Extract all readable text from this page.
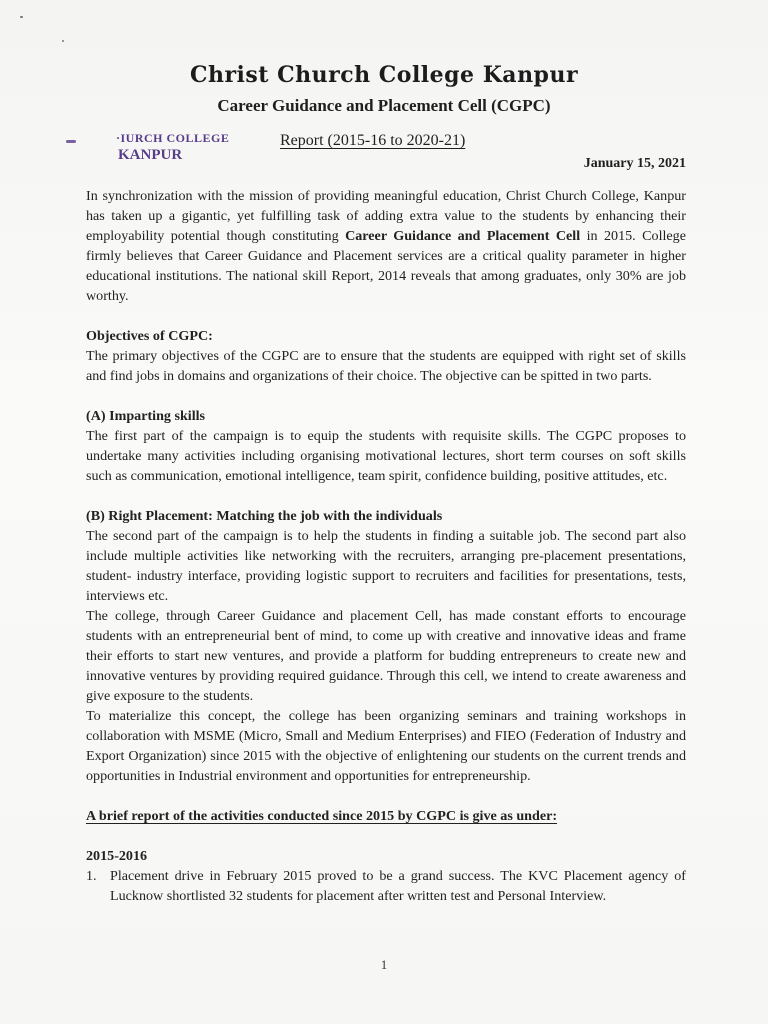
Christ Church College Kanpur
Career Guidance and Placement Cell (CGPC)
·IURCH COLLEGE
KANPUR
Report (2015-16 to 2020-21)
January 15, 2021

In synchronization with the mission of providing meaningful education, Christ Church College, Kanpur has taken up a gigantic, yet fulfilling task of adding extra value to the students by enhancing their employability potential though constituting Career Guidance and Placement Cell in 2015. College firmly believes that Career Guidance and Placement services are a critical quality parameter in higher educational institutions. The national skill Report, 2014 reveals that among graduates, only 30% are job worthy.

Objectives of CGPC:

The primary objectives of the CGPC are to ensure that the students are equipped with right set of skills and find jobs in domains and organizations of their choice. The objective can be spitted in two parts.

(A) Imparting skills

The first part of the campaign is to equip the students with requisite skills. The CGPC proposes to undertake many activities including organising motivational lectures, short term courses on soft skills such as communication, emotional intelligence, team spirit, confidence building, positive attitudes, etc.

(B) Right Placement: Matching the job with the individuals

The second part of the campaign is to help the students in finding a suitable job. The second part also include multiple activities like networking with the recruiters, arranging pre-placement presentations, student- industry interface, providing logistic support to recruiters and facilities for presentations, tests, interviews etc.

The college, through Career Guidance and placement Cell, has made constant efforts to encourage students with an entrepreneurial bent of mind, to come up with creative and innovative ideas and frame their efforts to start new ventures, and provide a platform for budding entrepreneurs to create new and innovative ventures by providing required guidance. Through this cell, we intend to create awareness and give exposure to the students.

To materialize this concept, the college has been organizing seminars and training workshops in collaboration with MSME (Micro, Small and Medium Enterprises) and FIEO (Federation of Industry and Export Organization) since 2015 with the objective of enlightening our students on the current trends and opportunities in Industrial environment and opportunities for entrepreneurship.

A brief report of the activities conducted since 2015 by CGPC is give as under:

2015-2016

1. Placement drive in February 2015 proved to be a grand success. The KVC Placement agency of Lucknow shortlisted 32 students for placement after written test and Personal Interview.

1
